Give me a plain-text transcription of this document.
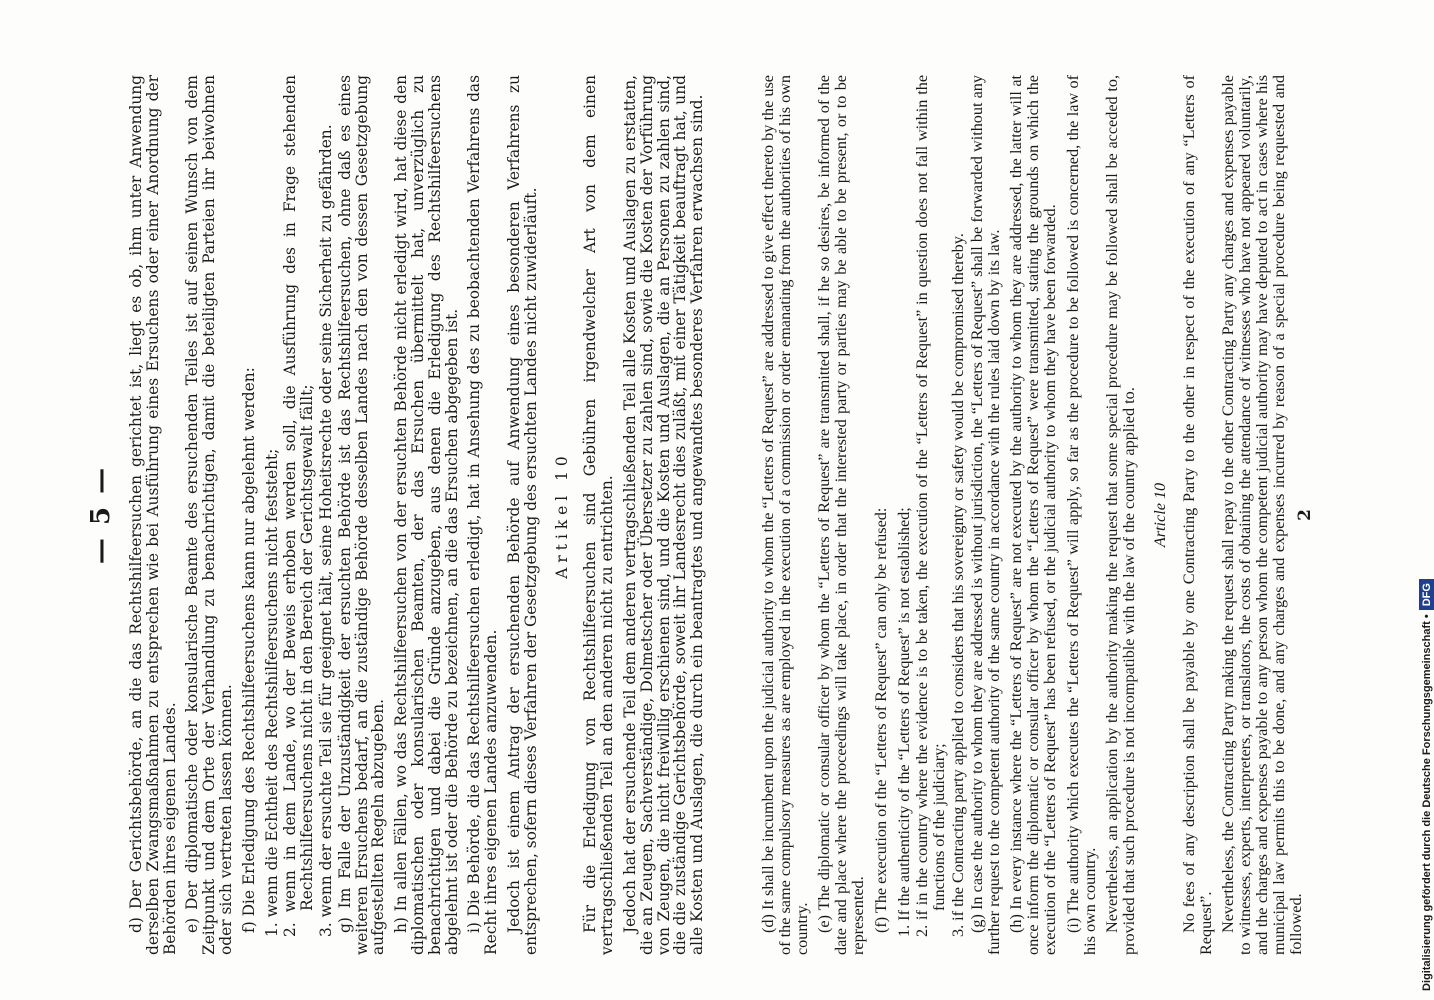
— 5 — d) Der Gerichtsbehörde, an die das Rechtshilfeersuchen gerichtet ist, liegt es ob, ihm unter Anwendung derselben Zwangsmaßnahmen zu entsprechen wie bei Ausführung eines Ersuchens oder einer Anordnung der Behörden ihres eigenen Landes. e) Der diplomatische oder konsularische Beamte des ersuchenden Teiles ist auf seinen Wunsch von dem Zeitpunkt und dem Orte der Verhandlung zu benachrichtigen, damit die beteiligten Parteien ihr beiwohnen oder sich vertreten lassen können. f) Die Erledigung des Rechtshilfeersuchens kann nur abgelehnt werden: 1. wenn die Echtheit des Rechtshilfeersuchens nicht feststeht; 2. wenn in dem Lande, wo der Beweis erhoben werden soll, die Ausführung des in Frage stehenden Rechtshilfeersuchens nicht in den Bereich der Gerichtsgewalt fällt; 3. wenn der ersuchte Teil sie für geeignet hält, seine Hoheitsrechte oder seine Sicherheit zu gefährden. g) Im Falle der Unzuständigkeit der ersuchten Behörde ist das Rechtshilfeersuchen, ohne daß es eines weiteren Ersuchens bedarf, an die zuständige Behörde desselben Landes nach den von dessen Gesetzgebung aufgestellten Regeln abzugeben. h) In allen Fällen, wo das Rechtshilfeersuchen von der ersuchten Behörde nicht erledigt wird, hat diese den diplomatischen oder konsularischen Beamten, der das Ersuchen übermittelt hat, unverzüglich zu benachrichtigen und dabei die Gründe anzugeben, aus denen die Erledigung des Rechtshilfeersuchens abgelehnt ist oder die Behörde zu bezeichnen, an die das Ersuchen abgegeben ist. i) Die Behörde, die das Rechtshilfeersuchen erledigt, hat in Ansehung des zu beobachtenden Verfahrens das Recht ihres eigenen Landes anzuwenden. Jedoch ist einem Antrag der ersuchenden Behörde auf Anwendung eines besonderen Verfahrens zu entsprechen, sofern dieses Verfahren der Gesetzgebung des ersuchten Landes nicht zuwiderläuft. Artikel 10 Für die Erledigung von Rechtshilfeersuchen sind Gebühren irgendwelcher Art von dem einen vertragschließenden Teil an den anderen nicht zu entrichten. Jedoch hat der ersuchende Teil dem anderen vertragschließenden Teil alle Kosten und Auslagen zu erstatten, die an Zeugen, Sachverständige, Dolmetscher oder Übersetzer zu zahlen sind, sowie die Kosten der Vorführung von Zeugen, die nicht freiwillig erschienen sind, und die Kosten und Auslagen, die an Personen zu zahlen sind, die die zuständige Gerichtsbehörde, soweit ihr Landesrecht dies zuläßt, mit einer Tätigkeit beauftragt hat, und alle Kosten und Auslagen, die durch ein beantragtes und angewandtes besonderes Verfahren erwachsen sind.	(d) It shall be incumbent upon the judicial authority to whom the “Letters of Request” are addressed to give effect thereto by the use of the same compulsory measures as are employed in the execution of a commission or order emanating from the authorities of his own country. (e) The diplomatic or consular officer by whom the “Letters of Request” are transmitted shall, if he so desires, be informed of the date and place where the proceedings will take place, in order that the interested party or parties may be able to be present, or to be represented. (f) The execution of the “Letters of Request” can only be refused: 1. If the authenticity of the “Letters of Request” is not established; 2. if in the country where the evidence is to be taken, the execution of the “Letters of Request” in question does not fall within the functions of the judiciary; 3. if the Contracting party applied to considers that his sovereignty or safety would be compromised thereby. (g) In case the authority to whom they are addressed is without jurisdiction, the “Letters of Request” shall be forwarded without any further request to the competent authority of the same country in accordance with the rules laid down by its law. (h) In every instance where the “Letters of Request” are not executed by the authority to whom they are addressed, the latter will at once inform the diplomatic or consular officer by whom the “Letters of Request” were transmitted, stating the grounds on which the execution of the “Letters of Request” has been refused, or the judicial authority to whom they have been forwarded. (i) The authority which executes the “Letters of Request” will apply, so far as the procedure to be followed is concerned, the law of his own country. Nevertheless, an application by the authority making the request that some special procedure may be followed shall be acceded to, provided that such procedure is not incompatible with the law of the country applied to. Article 10 No fees of any description shall be payable by one Contracting Party to the other in respect of the execution of any “Letters of Request”. Nevertheless, the Contracting Party making the request shall repay to the other Contracting Party any charges and expenses payable to witnesses, experts, interpreters, or translators, the costs of obtaining the attendance of witnesses who have not appeared voluntarily, and the charges and expenses payable to any person whom the competent judicial authority may have deputed to act in cases where his municipal law permits this to be done, and any charges and expenses incurred by reason of a special procedure being requested and followed.

2
Digitalisierung gefördert durch die Deutsche Forschungsgemeinschaft •DFG
